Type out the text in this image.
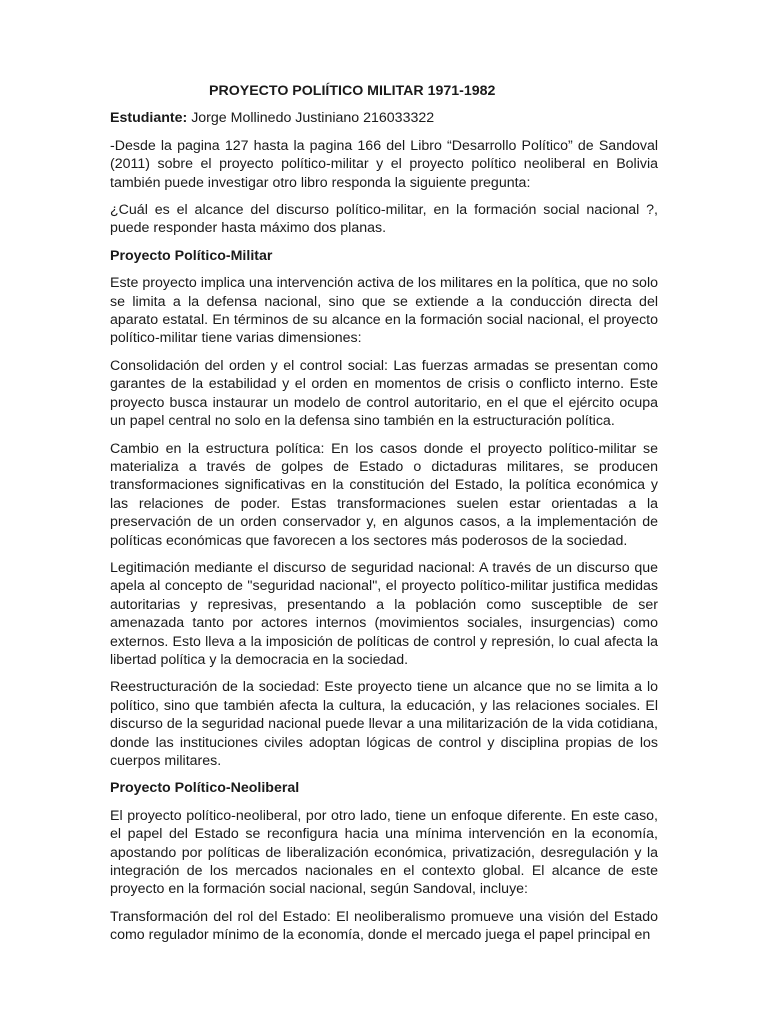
PROYECTO POLIÍTICO MILITAR 1971-1982
Estudiante: Jorge Mollinedo Justiniano 216033322
-Desde la pagina 127 hasta la pagina 166 del Libro “Desarrollo Político” de Sandoval (2011) sobre el proyecto político-militar y el proyecto político neoliberal en Bolivia también puede investigar otro libro responda la siguiente pregunta:
¿Cuál es el alcance del discurso político-militar, en la formación social nacional ?, puede responder hasta máximo dos planas.
Proyecto Político-Militar
Este proyecto implica una intervención activa de los militares en la política, que no solo se limita a la defensa nacional, sino que se extiende a la conducción directa del aparato estatal. En términos de su alcance en la formación social nacional, el proyecto político-militar tiene varias dimensiones:
Consolidación del orden y el control social: Las fuerzas armadas se presentan como garantes de la estabilidad y el orden en momentos de crisis o conflicto interno. Este proyecto busca instaurar un modelo de control autoritario, en el que el ejército ocupa un papel central no solo en la defensa sino también en la estructuración política.
Cambio en la estructura política: En los casos donde el proyecto político-militar se materializa a través de golpes de Estado o dictaduras militares, se producen transformaciones significativas en la constitución del Estado, la política económica y las relaciones de poder. Estas transformaciones suelen estar orientadas a la preservación de un orden conservador y, en algunos casos, a la implementación de políticas económicas que favorecen a los sectores más poderosos de la sociedad.
Legitimación mediante el discurso de seguridad nacional: A través de un discurso que apela al concepto de "seguridad nacional", el proyecto político-militar justifica medidas autoritarias y represivas, presentando a la población como susceptible de ser amenazada tanto por actores internos (movimientos sociales, insurgencias) como externos. Esto lleva a la imposición de políticas de control y represión, lo cual afecta la libertad política y la democracia en la sociedad.
Reestructuración de la sociedad: Este proyecto tiene un alcance que no se limita a lo político, sino que también afecta la cultura, la educación, y las relaciones sociales. El discurso de la seguridad nacional puede llevar a una militarización de la vida cotidiana, donde las instituciones civiles adoptan lógicas de control y disciplina propias de los cuerpos militares.
Proyecto Político-Neoliberal
El proyecto político-neoliberal, por otro lado, tiene un enfoque diferente. En este caso, el papel del Estado se reconfigura hacia una mínima intervención en la economía, apostando por políticas de liberalización económica, privatización, desregulación y la integración de los mercados nacionales en el contexto global. El alcance de este proyecto en la formación social nacional, según Sandoval, incluye:
Transformación del rol del Estado: El neoliberalismo promueve una visión del Estado como regulador mínimo de la economía, donde el mercado juega el papel principal en
